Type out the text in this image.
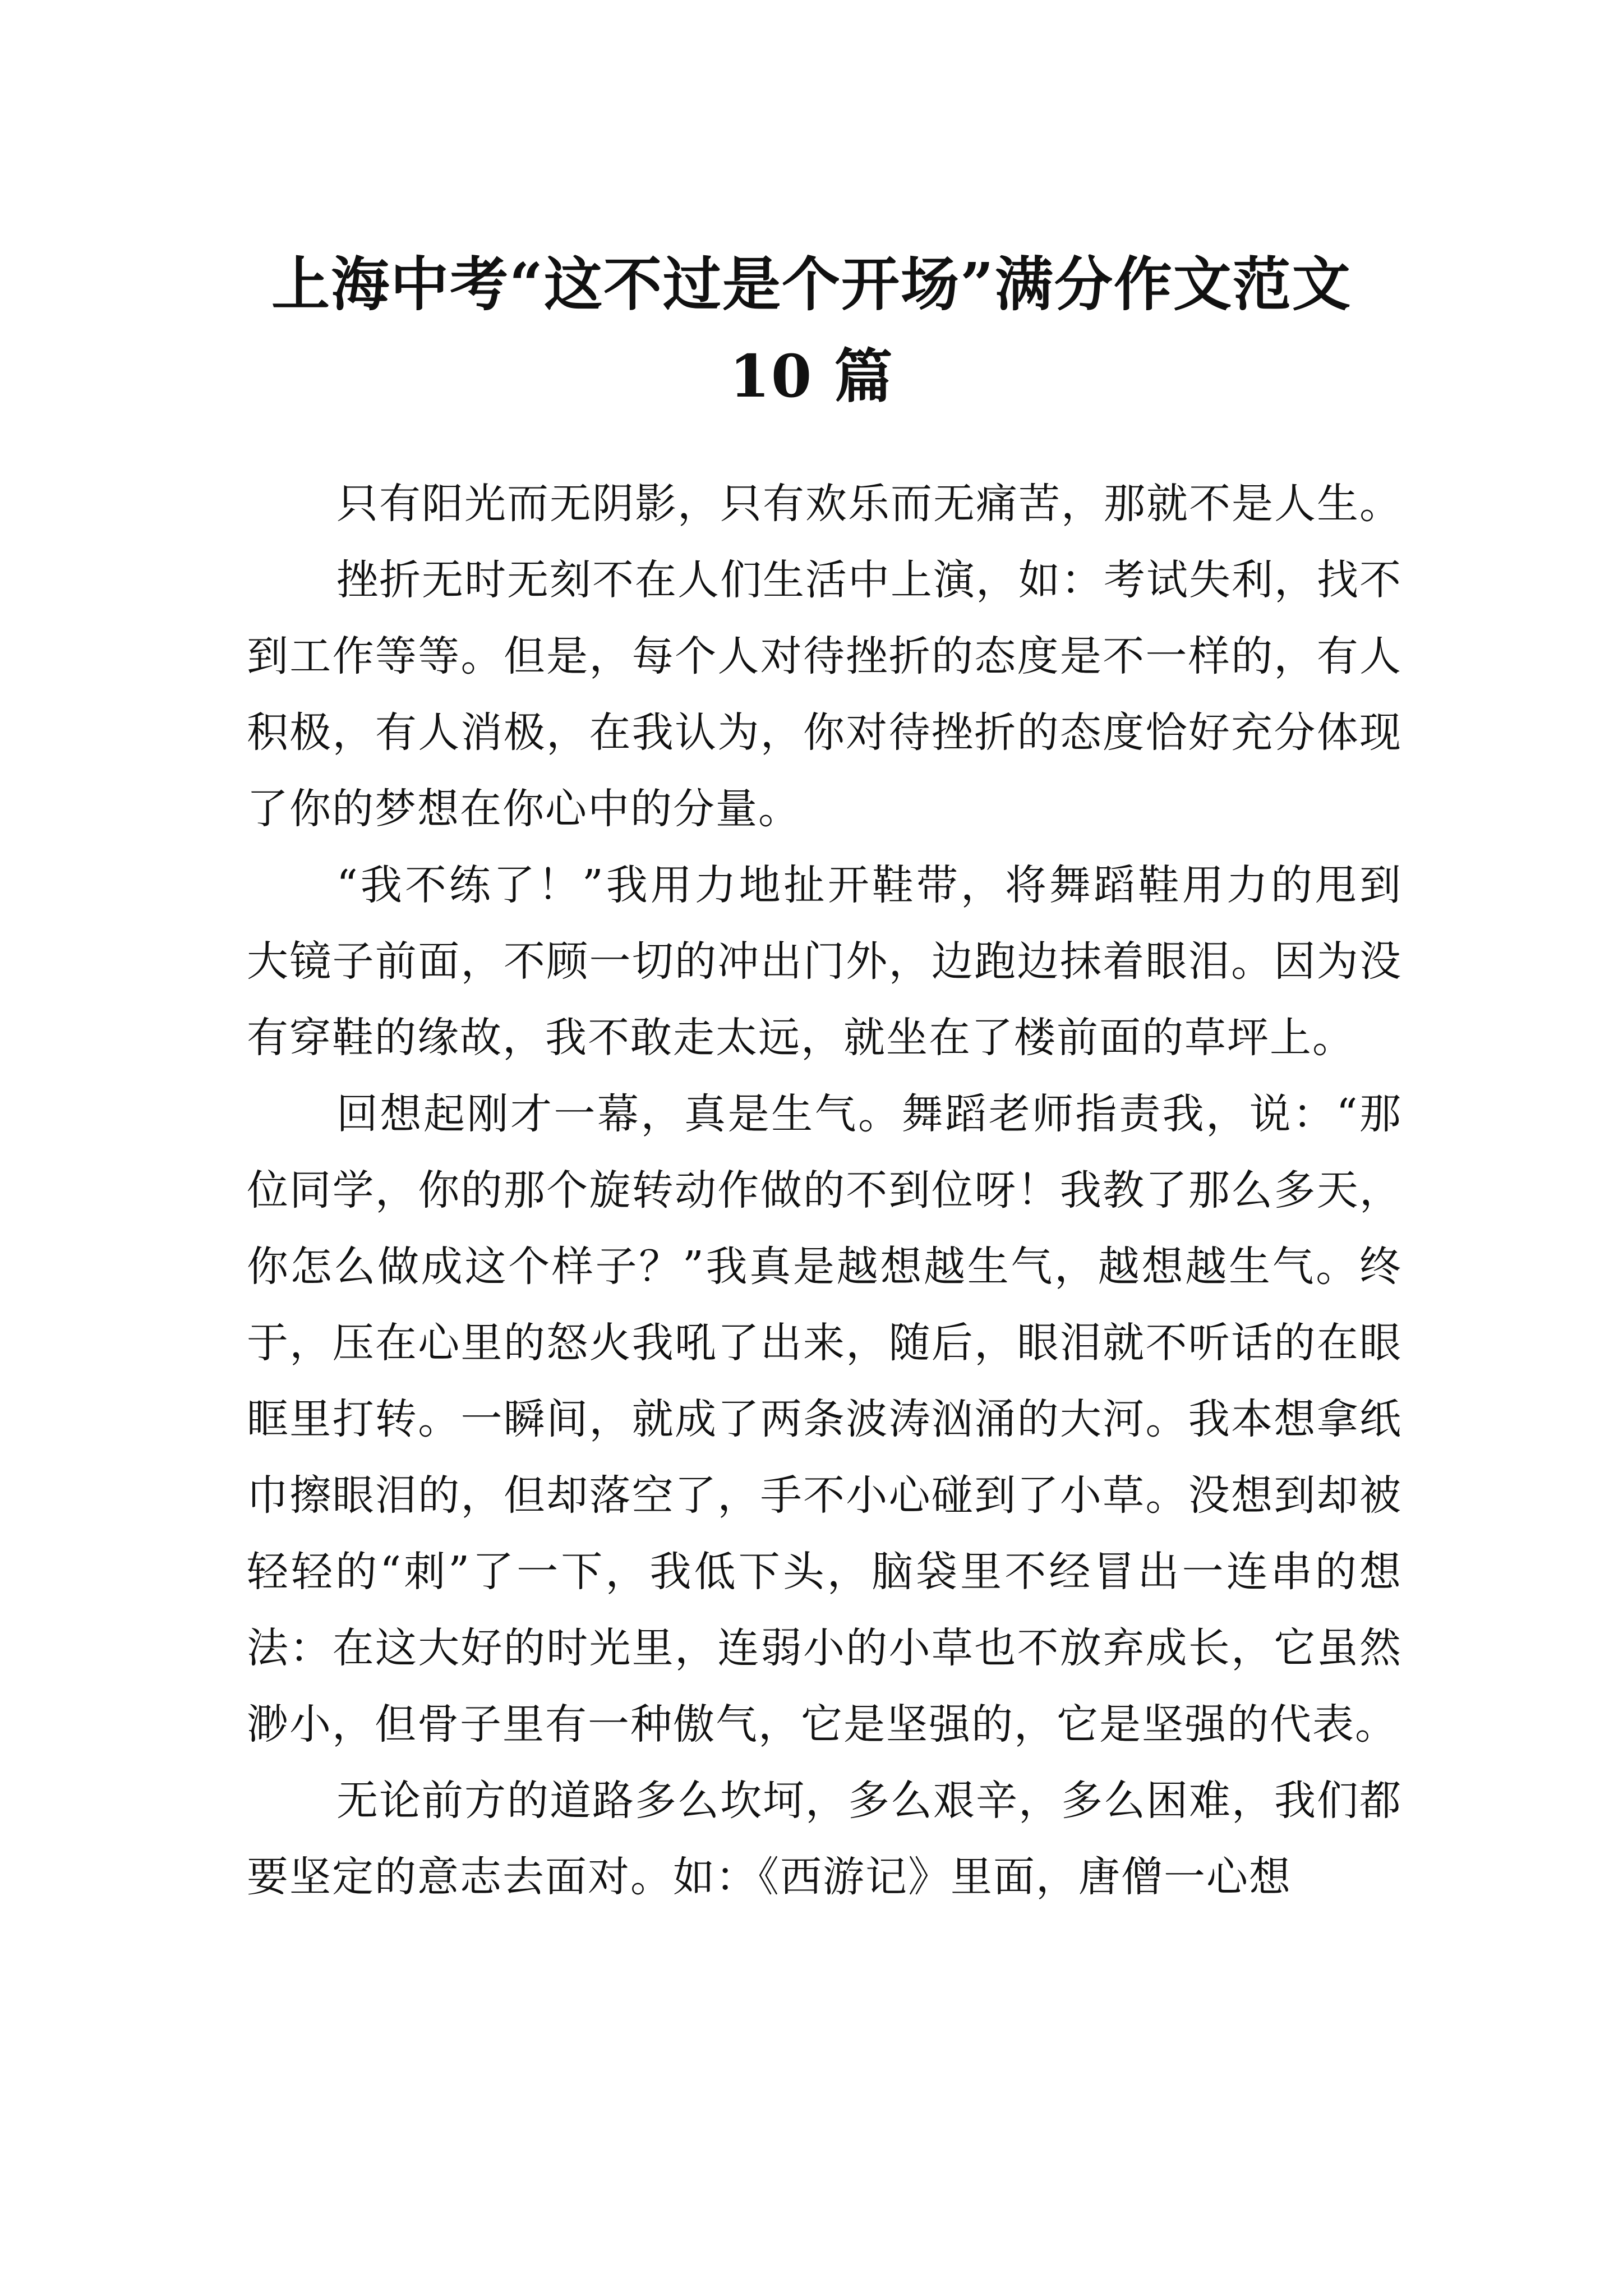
上海中考“这不过是个开场”满分作文范文
10 篇

只有阳光而无阴影，只有欢乐而无痛苦，那就不是人生。

挫折无时无刻不在人们生活中上演，如：考试失利，找不到工作等等。但是，每个人对待挫折的态度是不一样的，有人积极，有人消极，在我认为，你对待挫折的态度恰好充分体现了你的梦想在你心中的分量。

“我不练了！”我用力地扯开鞋带，将舞蹈鞋用力的甩到大镜子前面，不顾一切的冲出门外，边跑边抹着眼泪。因为没有穿鞋的缘故，我不敢走太远，就坐在了楼前面的草坪上。

回想起刚才一幕，真是生气。舞蹈老师指责我，说：“那位同学，你的那个旋转动作做的不到位呀！我教了那么多天，你怎么做成这个样子？”我真是越想越生气，越想越生气。终于，压在心里的怒火我吼了出来，随后，眼泪就不听话的在眼眶里打转。一瞬间，就成了两条波涛汹涌的大河。我本想拿纸巾擦眼泪的，但却落空了，手不小心碰到了小草。没想到却被轻轻的“刺”了一下，我低下头，脑袋里不经冒出一连串的想法：在这大好的时光里，连弱小的小草也不放弃成长，它虽然渺小，但骨子里有一种傲气，它是坚强的，它是坚强的代表。

无论前方的道路多么坎坷，多么艰辛，多么困难，我们都要坚定的意志去面对。如：《西游记》里面，唐僧一心想
